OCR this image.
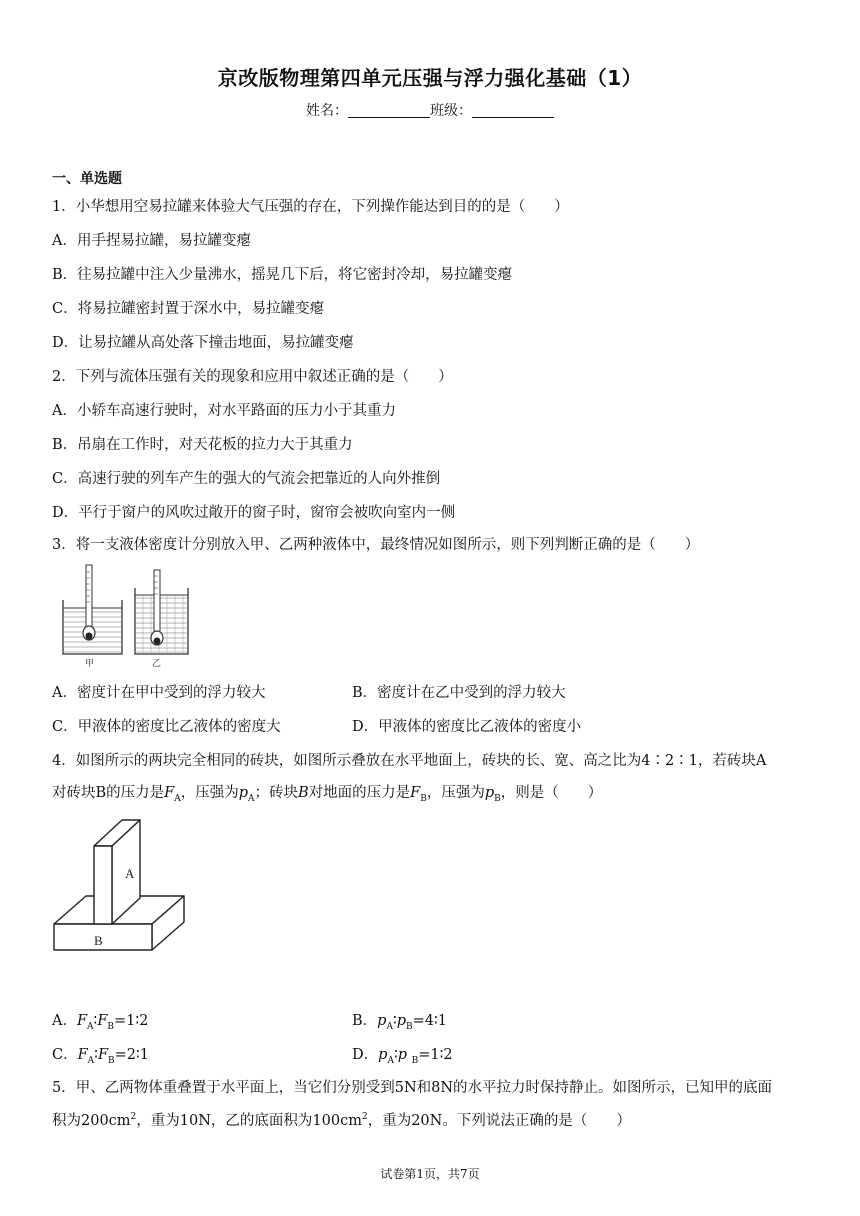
京改版物理第四单元压强与浮力强化基础（1）
姓名：	班级：
一、单选题
1．小华想用空易拉罐来体验大气压强的存在，下列操作能达到目的的是（　　）
A．用手捏易拉罐，易拉罐变瘪
B．往易拉罐中注入少量沸水，摇晃几下后，将它密封冷却，易拉罐变瘪
C．将易拉罐密封置于深水中，易拉罐变瘪
D．让易拉罐从高处落下撞击地面，易拉罐变瘪
2．下列与流体压强有关的现象和应用中叙述正确的是（　　）
A．小轿车高速行驶时，对水平路面的压力小于其重力
B．吊扇在工作时，对天花板的拉力大于其重力
C．高速行驶的列车产生的强大的气流会把靠近的人向外推倒
D．平行于窗户的风吹过敞开的窗子时，窗帘会被吹向室内一侧
3．将一支液体密度计分别放入甲、乙两种液体中，最终情况如图所示，则下列判断正确的是（　　）
甲	乙
A．密度计在甲中受到的浮力较大	B．密度计在乙中受到的浮力较大
C．甲液体的密度比乙液体的密度大	D．甲液体的密度比乙液体的密度小
4．如图所示的两块完全相同的砖块，如图所示叠放在水平地面上，砖块的长、宽、高之比为4∶2∶1，若砖块A
对砖块B的压力是$F_A$，压强为$p_A$；砖块B对地面的压力是$F_B$，压强为$p_B$，则是（　　）
A
B
A．$F_A∶F_B=1∶2$	B．$p_A∶p_B=4∶1$
C．$F_A∶F_B=2∶1$	D．$p_A∶p$ $_B$=1∶2
5．甲、乙两物体重叠置于水平面上，当它们分别受到5N和8N的水平拉力时保持静止。如图所示，已知甲的底面
积为$200cm^2$，重为10N，乙的底面积为$100cm^2$，重为20N。下列说法正确的是（　　）
试卷第1页，共7页
